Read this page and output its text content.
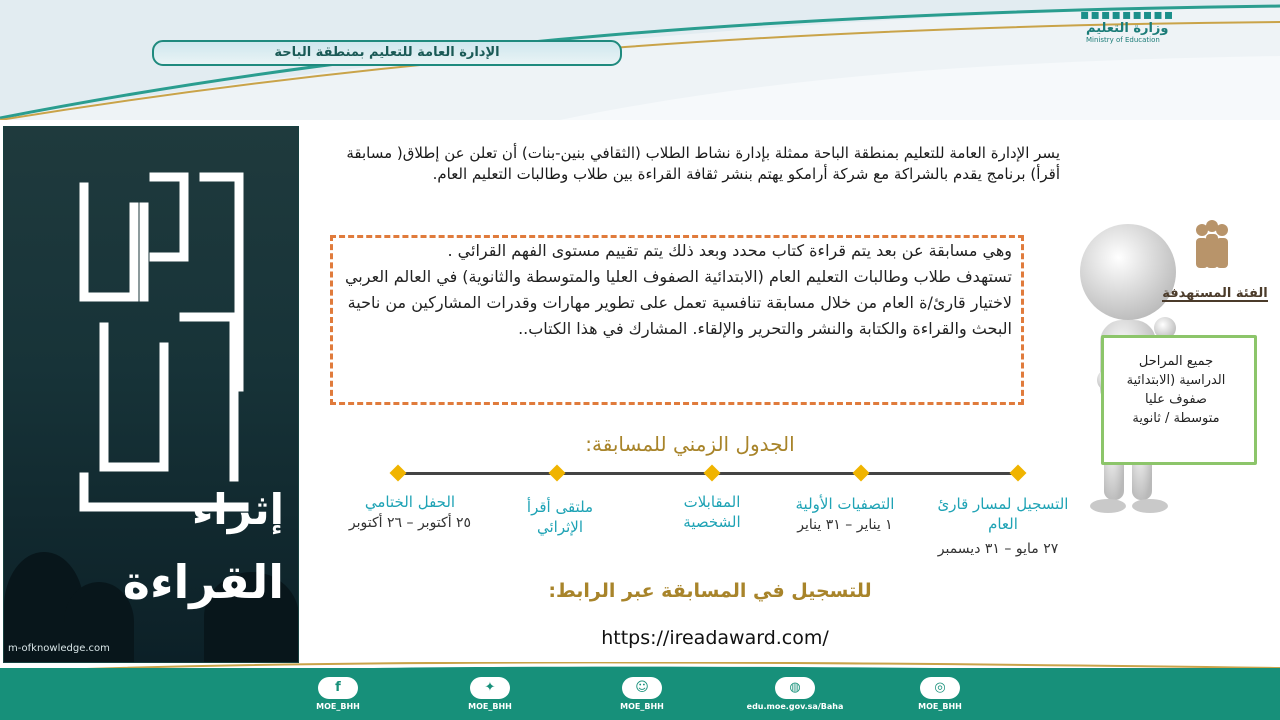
الإدارة العامة للتعليم بمنطقة الباحة
▪▪▪▪▪▪▪▪▪
وزارة التعليم
Ministry of Education
إثراء
القراءة
m-ofknowledge.com
يسر الإدارة العامة للتعليم بمنطقة الباحة ممثلة بإدارة نشاط الطلاب (الثقافي بنين-بنات) أن تعلن عن إطلاق( مسابقة أقرأ) برنامج يقدم بالشراكة مع شركة أرامكو يهتم بنشر ثقافة القراءة بين طلاب وطالبات التعليم العام.

وهي مسابقة عن بعد يتم قراءة كتاب محدد وبعد ذلك يتم تقييم مستوى الفهم القرائي .

تستهدف طلاب وطالبات التعليم العام (الابتدائية الصفوف العليا والمتوسطة والثانوية) في العالم العربي لاختيار قارئ/ة العام من خلال مسابقة تنافسية تعمل على تطوير مهارات وقدرات المشاركين من ناحية البحث والقراءة والكتابة والنشر والتحرير والإلقاء. المشارك في هذا الكتاب..

الفئة المستهدفة
جميع المراحل
الدراسية (الابتدائية
صفوف عليا
متوسطة / ثانوية
الجدول الزمني للمسابقة:
التسجيل لمسار قارئ العام
٢٧ مايو – ٣١ ديسمبر
التصفيات الأولية
١ يناير – ٣١ يناير
المقابلات الشخصية
ملتقى أقرأ الإثرائي
الحفل الختامي
٢٥ أكتوبر – ٢٦ أكتوبر
للتسجيل في المسابقة عبر الرابط:
https://ireadaward.com/
f
MOE_BHH
✦
MOE_BHH
☺
MOE_BHH
◍
edu.moe.gov.sa/Baha
◎
MOE_BHH
